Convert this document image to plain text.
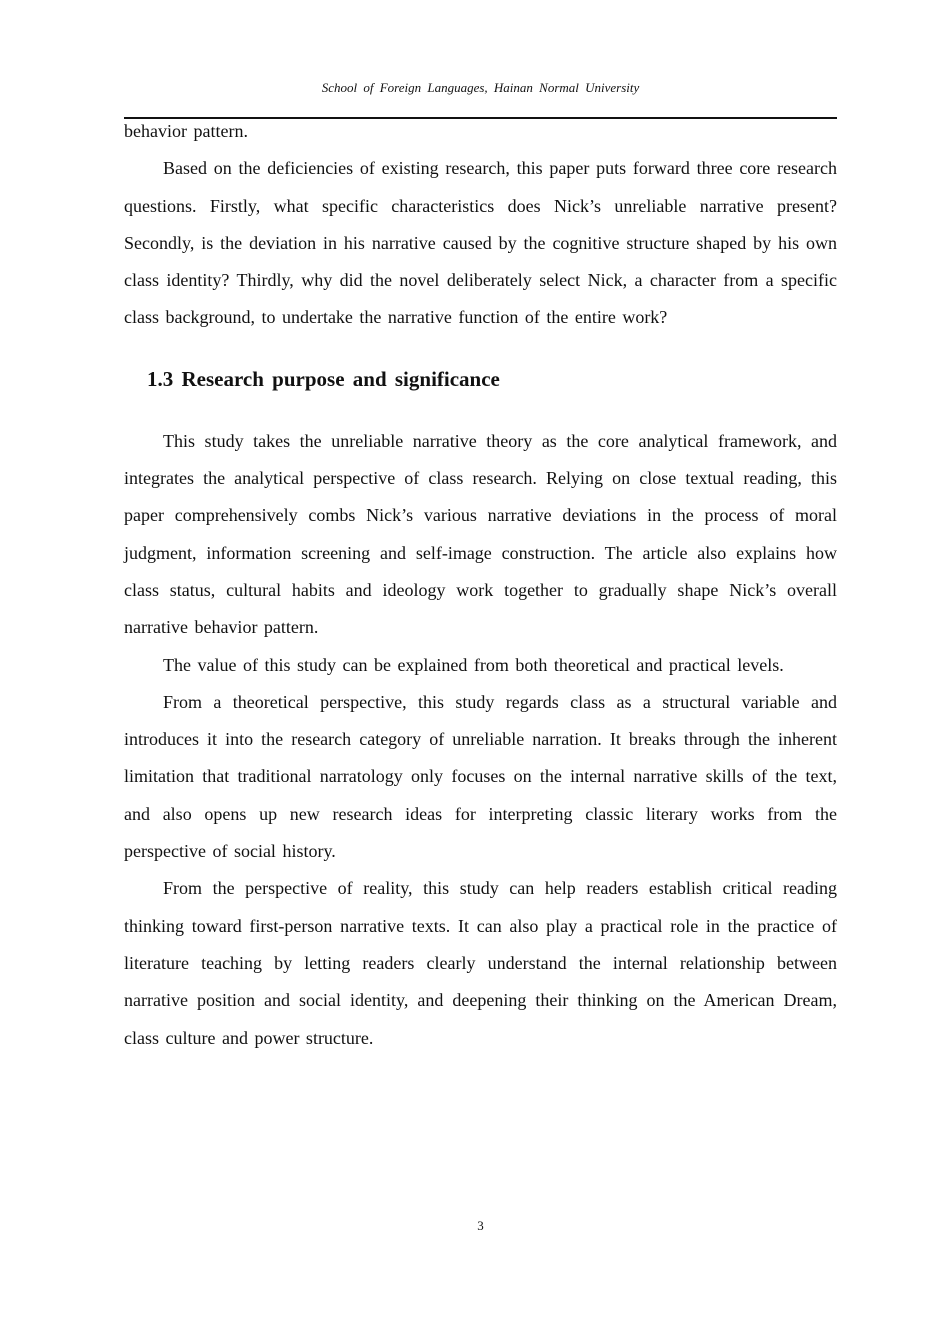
School of Foreign Languages, Hainan Normal University

behavior pattern.

Based on the deficiencies of existing research, this paper puts forward three core research questions. Firstly, what specific characteristics does Nick’s unreliable narrative present? Secondly, is the deviation in his narrative caused by the cognitive structure shaped by his own class identity? Thirdly, why did the novel deliberately select Nick, a character from a specific class background, to undertake the narrative function of the entire work?

1.3 Research purpose and significance

This study takes the unreliable narrative theory as the core analytical framework, and integrates the analytical perspective of class research. Relying on close textual reading, this paper comprehensively combs Nick’s various narrative deviations in the process of moral judgment, information screening and self-image construction. The article also explains how class status, cultural habits and ideology work together to gradually shape Nick’s overall narrative behavior pattern.

The value of this study can be explained from both theoretical and practical levels.

From a theoretical perspective, this study regards class as a structural variable and introduces it into the research category of unreliable narration. It breaks through the inherent limitation that traditional narratology only focuses on the internal narrative skills of the text, and also opens up new research ideas for interpreting classic literary works from the perspective of social history.

From the perspective of reality, this study can help readers establish critical reading thinking toward first-person narrative texts. It can also play a practical role in the practice of literature teaching by letting readers clearly understand the internal relationship between narrative position and social identity, and deepening their thinking on the American Dream, class culture and power structure.

3
